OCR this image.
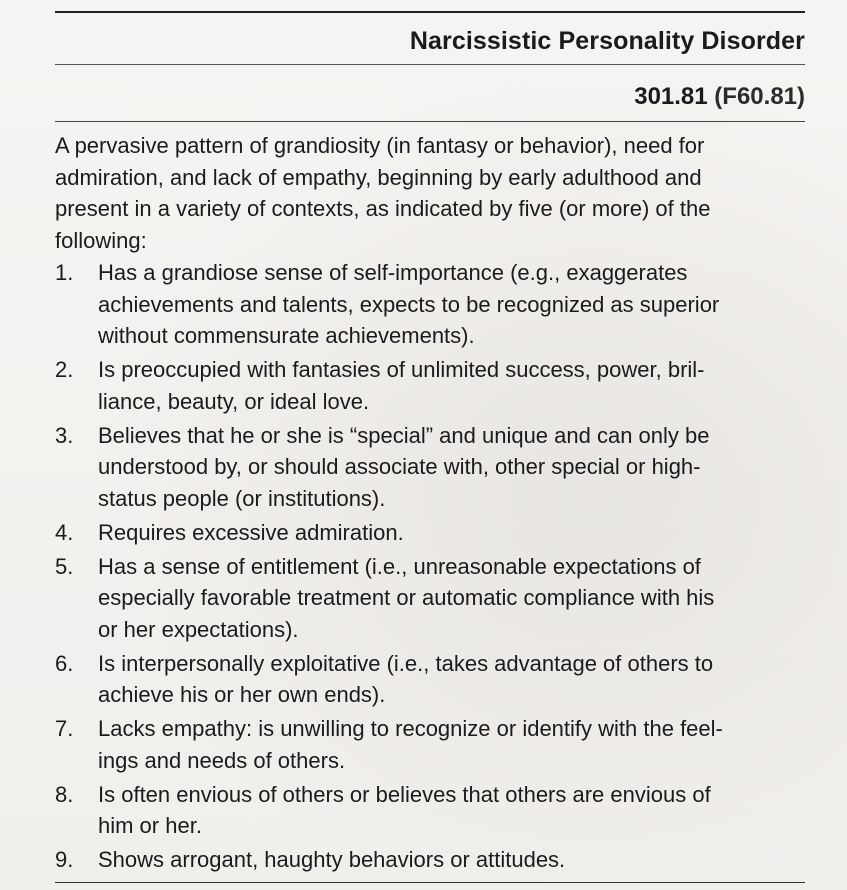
Narcissistic Personality Disorder
301.81 (F60.81)
A pervasive pattern of grandiosity (in fantasy or behavior), need for
admiration, and lack of empathy, beginning by early adulthood and
present in a variety of contexts, as indicated by five (or more) of the
following:
1.	Has a grandiose sense of self-importance (e.g., exaggerates
achievements and talents, expects to be recognized as superior
without commensurate achievements).
2.	Is preoccupied with fantasies of unlimited success, power, bril-
liance, beauty, or ideal love.
3.	Believes that he or she is “special” and unique and can only be
understood by, or should associate with, other special or high-
status people (or institutions).
4.	Requires excessive admiration.
5.	Has a sense of entitlement (i.e., unreasonable expectations of
especially favorable treatment or automatic compliance with his
or her expectations).
6.	Is interpersonally exploitative (i.e., takes advantage of others to
achieve his or her own ends).
7.	Lacks empathy: is unwilling to recognize or identify with the feel-
ings and needs of others.
8.	Is often envious of others or believes that others are envious of
him or her.
9.	Shows arrogant, haughty behaviors or attitudes.
